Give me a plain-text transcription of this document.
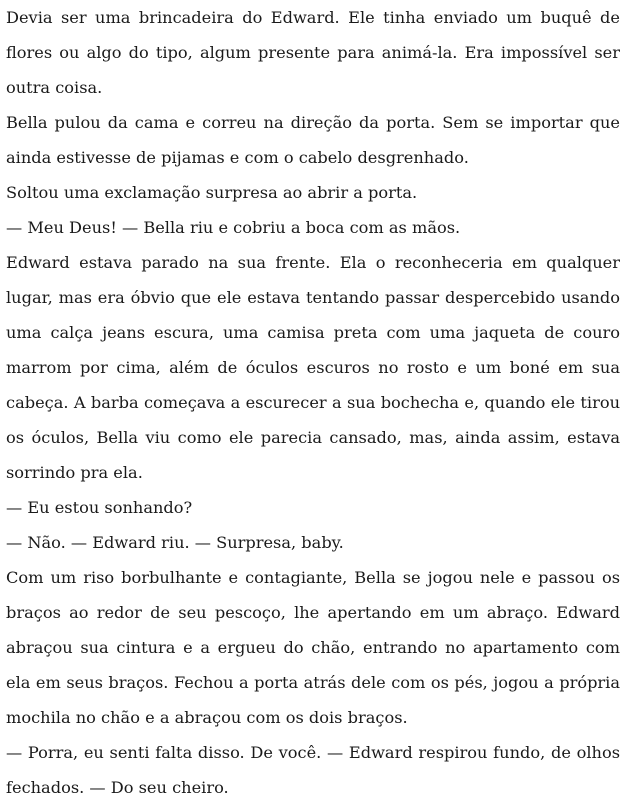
Devia ser uma brincadeira do Edward. Ele tinha enviado um buquê de flores ou algo do tipo, algum presente para animá-la. Era impossível ser outra coisa.

Bella pulou da cama e correu na direção da porta. Sem se importar que ainda estivesse de pijamas e com o cabelo desgrenhado.

Soltou uma exclamação surpresa ao abrir a porta.

— Meu Deus! — Bella riu e cobriu a boca com as mãos.

Edward estava parado na sua frente. Ela o reconheceria em qualquer lugar, mas era óbvio que ele estava tentando passar despercebido usando uma calça jeans escura, uma camisa preta com uma jaqueta de couro marrom por cima, além de óculos escuros no rosto e um boné em sua cabeça. A barba começava a escurecer a sua bochecha e, quando ele tirou os óculos, Bella viu como ele parecia cansado, mas, ainda assim, estava sorrindo pra ela.

— Eu estou sonhando?

— Não. — Edward riu. — Surpresa, baby.

Com um riso borbulhante e contagiante, Bella se jogou nele e passou os braços ao redor de seu pescoço, lhe apertando em um abraço. Edward abraçou sua cintura e a ergueu do chão, entrando no apartamento com ela em seus braços. Fechou a porta atrás dele com os pés, jogou a própria mochila no chão e a abraçou com os dois braços.

— Porra, eu senti falta disso. De você. — Edward respirou fundo, de olhos fechados. — Do seu cheiro.
